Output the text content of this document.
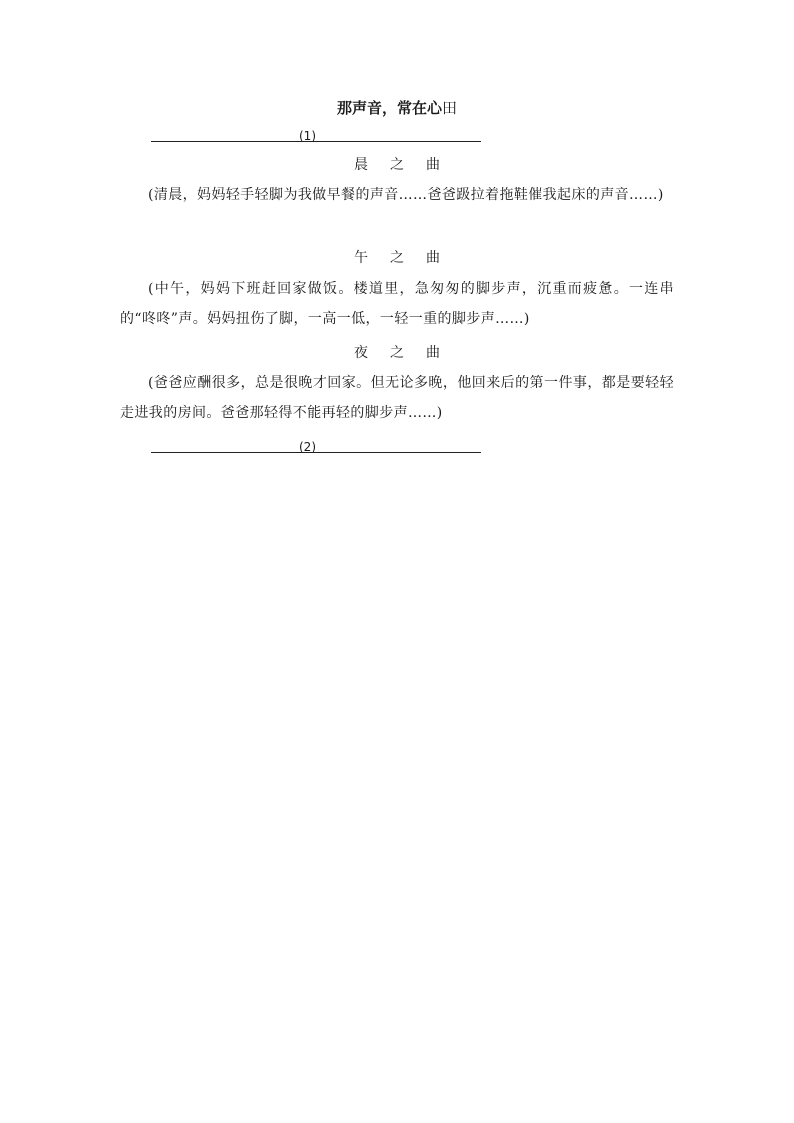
那声音，常在心田
(1)
晨 之 曲
(清晨，妈妈轻手轻脚为我做早餐的声音……爸爸趿拉着拖鞋催我起床的声音……)
午 之 曲
(中午，妈妈下班赶回家做饭。楼道里，急匆匆的脚步声，沉重而疲惫。一连串的“咚咚”声。妈妈扭伤了脚，一高一低，一轻一重的脚步声……)
夜 之 曲
(爸爸应酬很多，总是很晚才回家。但无论多晚，他回来后的第一件事，都是要轻轻走进我的房间。爸爸那轻得不能再轻的脚步声……)
(2)
